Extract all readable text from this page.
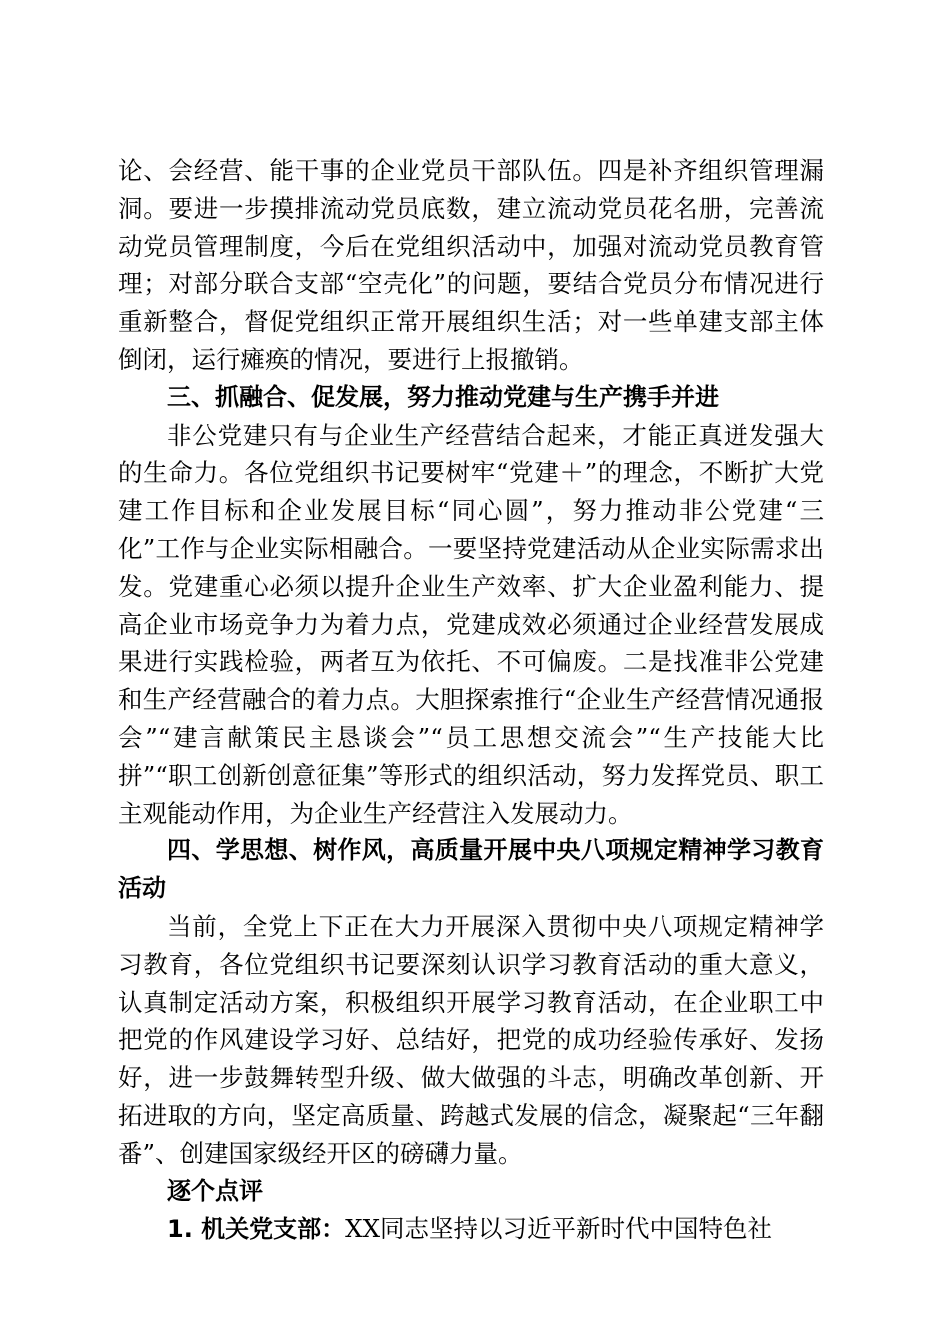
论、会经营、能干事的企业党员干部队伍。四是补齐组织管理漏洞。要进一步摸排流动党员底数，建立流动党员花名册，完善流动党员管理制度，今后在党组织活动中，加强对流动党员教育管理；对部分联合支部“空壳化”的问题，要结合党员分布情况进行重新整合，督促党组织正常开展组织生活；对一些单建支部主体倒闭，运行瘫痪的情况，要进行上报撤销。

三、抓融合、促发展，努力推动党建与生产携手并进

非公党建只有与企业生产经营结合起来，才能正真迸发强大的生命力。各位党组织书记要树牢“党建＋”的理念，不断扩大党建工作目标和企业发展目标“同心圆”，努力推动非公党建“三化”工作与企业实际相融合。一要坚持党建活动从企业实际需求出发。党建重心必须以提升企业生产效率、扩大企业盈利能力、提高企业市场竞争力为着力点，党建成效必须通过企业经营发展成果进行实践检验，两者互为依托、不可偏废。二是找准非公党建和生产经营融合的着力点。大胆探索推行“企业生产经营情况通报会”“建言献策民主恳谈会”“员工思想交流会”“生产技能大比拼”“职工创新创意征集”等形式的组织活动，努力发挥党员、职工主观能动作用，为企业生产经营注入发展动力。

四、学思想、树作风，高质量开展中央八项规定精神学习教育活动

当前，全党上下正在大力开展深入贯彻中央八项规定精神学习教育，各位党组织书记要深刻认识学习教育活动的重大意义，认真制定活动方案，积极组织开展学习教育活动，在企业职工中把党的作风建设学习好、总结好，把党的成功经验传承好、发扬好，进一步鼓舞转型升级、做大做强的斗志，明确改革创新、开拓进取的方向，坚定高质量、跨越式发展的信念，凝聚起“三年翻番”、创建国家级经开区的磅礴力量。

逐个点评

1. 机关党支部：XX同志坚持以习近平新时代中国特色社
